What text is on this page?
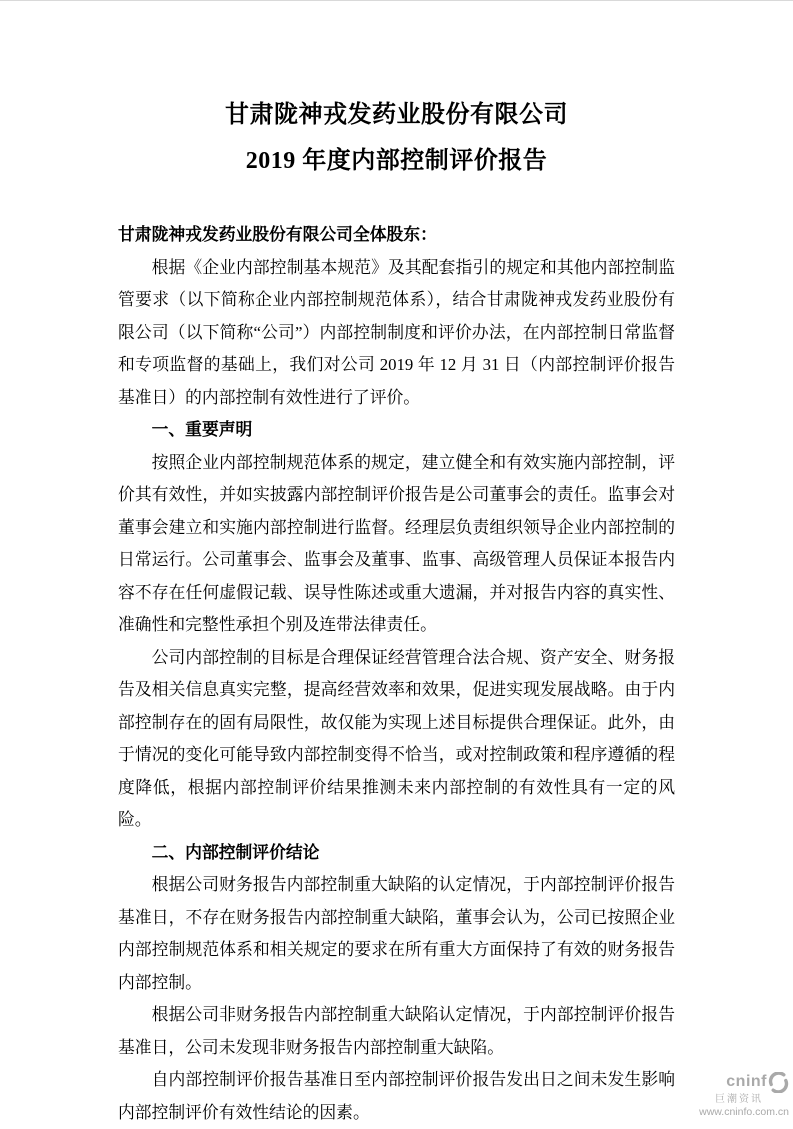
甘肃陇神戎发药业股份有限公司
2019 年度内部控制评价报告

甘肃陇神戎发药业股份有限公司全体股东：

根据《企业内部控制基本规范》及其配套指引的规定和其他内部控制监管要求（以下简称企业内部控制规范体系），结合甘肃陇神戎发药业股份有限公司（以下简称“公司”）内部控制制度和评价办法，在内部控制日常监督和专项监督的基础上，我们对公司 2019 年 12 月 31 日（内部控制评价报告基准日）的内部控制有效性进行了评价。

一、重要声明

按照企业内部控制规范体系的规定，建立健全和有效实施内部控制，评价其有效性，并如实披露内部控制评价报告是公司董事会的责任。监事会对董事会建立和实施内部控制进行监督。经理层负责组织领导企业内部控制的日常运行。公司董事会、监事会及董事、监事、高级管理人员保证本报告内容不存在任何虚假记载、误导性陈述或重大遗漏，并对报告内容的真实性、准确性和完整性承担个别及连带法律责任。

公司内部控制的目标是合理保证经营管理合法合规、资产安全、财务报告及相关信息真实完整，提高经营效率和效果，促进实现发展战略。由于内部控制存在的固有局限性，故仅能为实现上述目标提供合理保证。此外，由于情况的变化可能导致内部控制变得不恰当，或对控制政策和程序遵循的程度降低，根据内部控制评价结果推测未来内部控制的有效性具有一定的风险。

二、内部控制评价结论

根据公司财务报告内部控制重大缺陷的认定情况，于内部控制评价报告基准日，不存在财务报告内部控制重大缺陷，董事会认为，公司已按照企业内部控制规范体系和相关规定的要求在所有重大方面保持了有效的财务报告内部控制。

根据公司非财务报告内部控制重大缺陷认定情况，于内部控制评价报告基准日，公司未发现非财务报告内部控制重大缺陷。

自内部控制评价报告基准日至内部控制评价报告发出日之间未发生影响内部控制评价有效性结论的因素。

cninf
巨潮资讯
www.cninfo.com.cn
